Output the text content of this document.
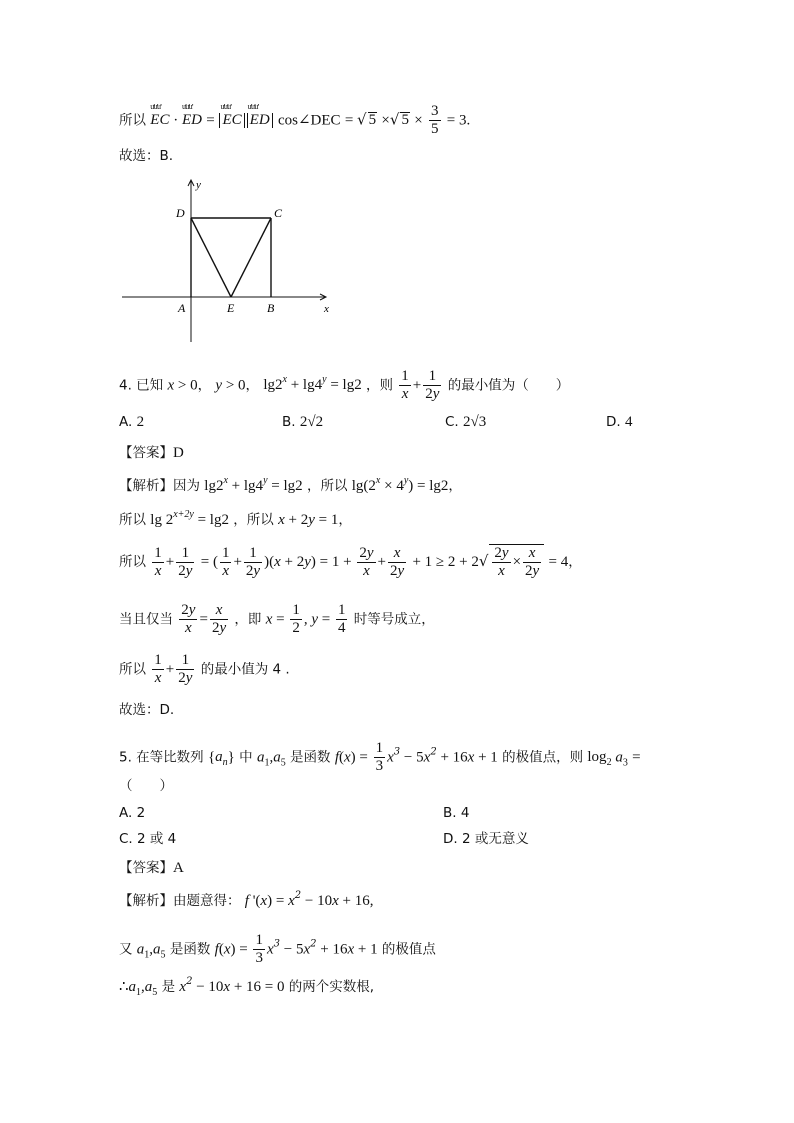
所以 ưưư EC · ưưư ED = ưưư EC ưưư ED cos∠DEC = √ 5 ×√ $5 \times \frac{3}{5} = 3$.
故选：B.
D	C
A	E	B	x
y
4. 已知 x > 0， y > 0， $\lg 2^x + \lg 4^y = \lg 2$ ，则 $\frac{1}{x} + \frac{1}{2y}$ 的最小值为（　　）
A. 2	B. 2√2	C. 2√3	D. 4
【答案】D
【解析】因为 $\lg 2^x + \lg 4^y = \lg 2$ ，所以 $\lg(2^x \times 4^y) = \lg 2$，
所以 $\lg 2^{x+2y} = \lg 2$ ，所以 x + 2y = 1，
所以 $\frac{1}{x} + \frac{1}{2y}$ = ( $\frac{1}{x} + \frac{1}{2y} )(x + 2y) = 1 + \frac{2y}{x} + \frac{x}{2y} + 1 \ge 2 + 2√ \frac{2y}{x} \times \frac{x}{2y} = 4$，
当且仅当 $\frac{2y}{x} = \frac{x}{2y}$ ，即 $x = \frac{1}{2}$ , $y = \frac{1}{4}$ 时等号成立，
所以 $\frac{1}{x} + \frac{1}{2y}$ 的最小值为 4 .
故选：D.
5. 在等比数列 $\{a_n\}$ 中 $a_1,a_5$ 是函数 $f(x) = \frac{1}{3} x^3 - 5x^2 + 16x + 1$ 的极值点，则 $\log_2 a_3$ =
（　　）
A. 2	B. 4
C. 2 或 4	D. 2 或无意义
【答案】A
【解析】由题意得： f '$(x) = x^2 - 10x + 16$,
又 $a_1,a_5$ 是函数 $f(x) = \frac{1}{3} x^3 - 5x^2 + 16x + 1$ 的极值点
$\therefore a_1,a_5$ 是 $x^2 - 10x + 16 = 0$ 的两个实数根,
